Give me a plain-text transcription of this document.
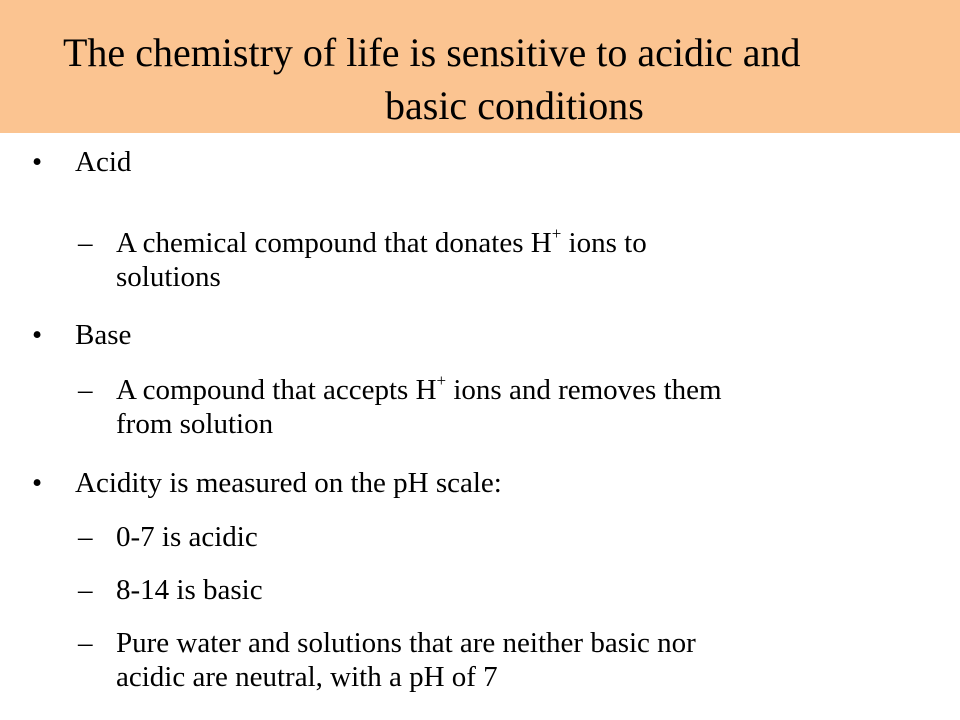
The chemistry of life is sensitive to acidic and
basic conditions
• Acid
– A chemical compound that donates H+ ions to
solutions
• Base
– A compound that accepts H+ ions and removes them
from solution
• Acidity is measured on the pH scale:
– 0-7 is acidic
– 8-14 is basic
– Pure water and solutions that are neither basic nor
acidic are neutral, with a pH of 7
